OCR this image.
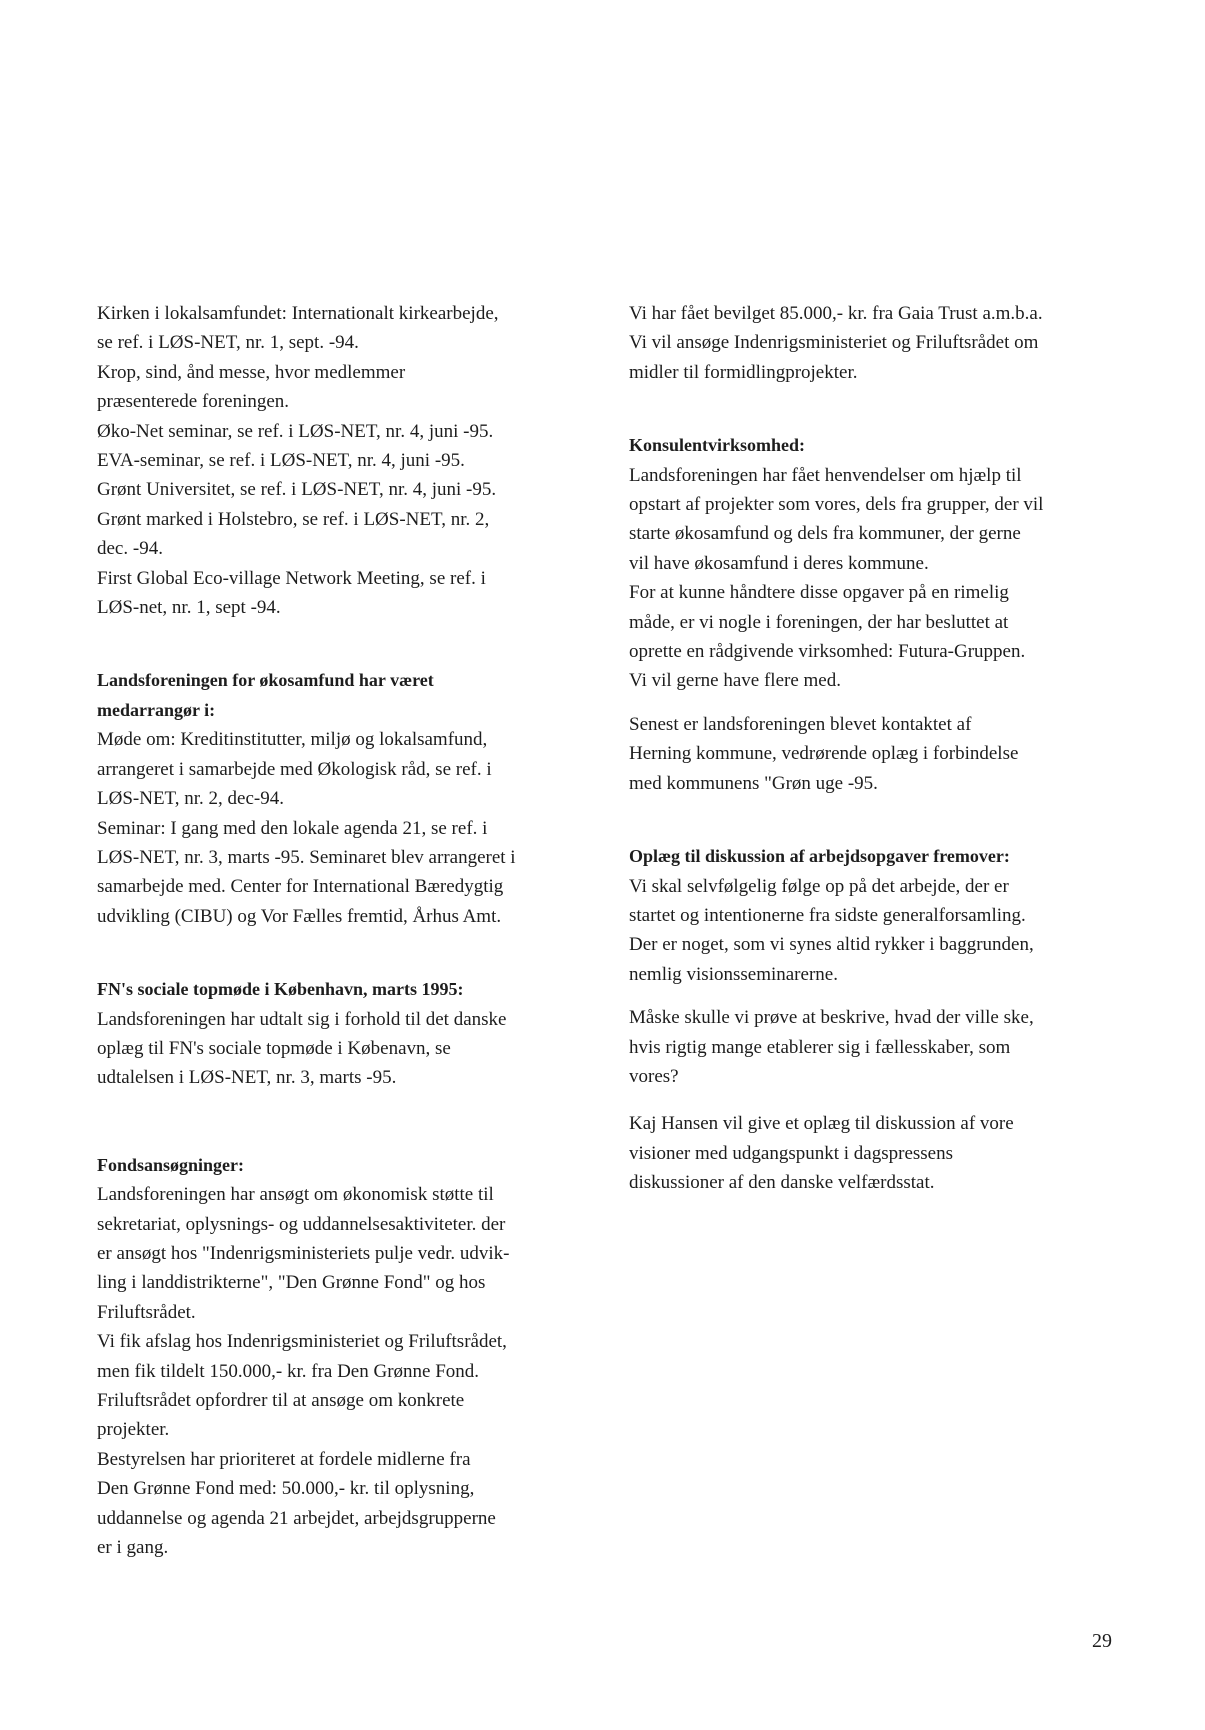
Kirken i lokalsamfundet: Internationalt kirkearbejde,
se ref. i LØS-NET, nr. 1, sept. -94.
Krop, sind, ånd messe, hvor medlemmer
præsenterede foreningen.
Øko-Net seminar, se ref. i LØS-NET, nr. 4, juni -95.
EVA-seminar, se ref. i LØS-NET, nr. 4, juni -95.
Grønt Universitet, se ref. i LØS-NET, nr. 4, juni -95.
Grønt marked i Holstebro, se ref. i LØS-NET, nr. 2,
dec. -94.
First Global Eco-village Network Meeting, se ref. i
LØS-net, nr. 1, sept -94.
Landsforeningen for økosamfund har været
medarrangør i:
Møde om: Kreditinstitutter, miljø og lokalsamfund,
arrangeret i samarbejde med Økologisk råd, se ref. i
LØS-NET, nr. 2, dec-94.
Seminar: I gang med den lokale agenda 21, se ref. i
LØS-NET, nr. 3, marts -95. Seminaret blev arrangeret i
samarbejde med. Center for International Bæredygtig
udvikling (CIBU) og Vor Fælles fremtid, Århus Amt.
FN's sociale topmøde i København, marts 1995:
Landsforeningen har udtalt sig i forhold til det danske
oplæg til FN's sociale topmøde i Købenavn, se
udtalelsen i LØS-NET, nr. 3, marts -95.
Fondsansøgninger:
Landsforeningen har ansøgt om økonomisk støtte til
sekretariat, oplysnings- og uddannelsesaktiviteter. der
er ansøgt hos "Indenrigsministeriets pulje vedr. udvik-
ling i landdistrikterne", "Den Grønne Fond" og hos
Friluftsrådet.
Vi fik afslag hos Indenrigsministeriet og Friluftsrådet,
men fik tildelt 150.000,- kr. fra Den Grønne Fond.
Friluftsrådet opfordrer til at ansøge om konkrete
projekter.
Bestyrelsen har prioriteret at fordele midlerne fra
Den Grønne Fond med: 50.000,- kr. til oplysning,
uddannelse og agenda 21 arbejdet, arbejdsgrupperne
er i gang.
Vi har fået bevilget 85.000,- kr. fra Gaia Trust a.m.b.a.
Vi vil ansøge Indenrigsministeriet og Friluftsrådet om
midler til formidlingprojekter.
Konsulentvirksomhed:
Landsforeningen har fået henvendelser om hjælp til
opstart af projekter som vores, dels fra grupper, der vil
starte økosamfund og dels fra kommuner, der gerne
vil have økosamfund i deres kommune.
For at kunne håndtere disse opgaver på en rimelig
måde, er vi nogle i foreningen, der har besluttet at
oprette en rådgivende virksomhed: Futura-Gruppen.
Vi vil gerne have flere med.
Senest er landsforeningen blevet kontaktet af
Herning kommune, vedrørende oplæg i forbindelse
med kommunens "Grøn uge -95.
Oplæg til diskussion af arbejdsopgaver fremover:
Vi skal selvfølgelig følge op på det arbejde, der er
startet og intentionerne fra sidste generalforsamling.
Der er noget, som vi synes altid rykker i baggrunden,
nemlig visionsseminarerne.
Måske skulle vi prøve at beskrive, hvad der ville ske,
hvis rigtig mange etablerer sig i fællesskaber, som
vores?
Kaj Hansen vil give et oplæg til diskussion af vore
visioner med udgangspunkt i dagspressens
diskussioner af den danske velfærdsstat.
29
